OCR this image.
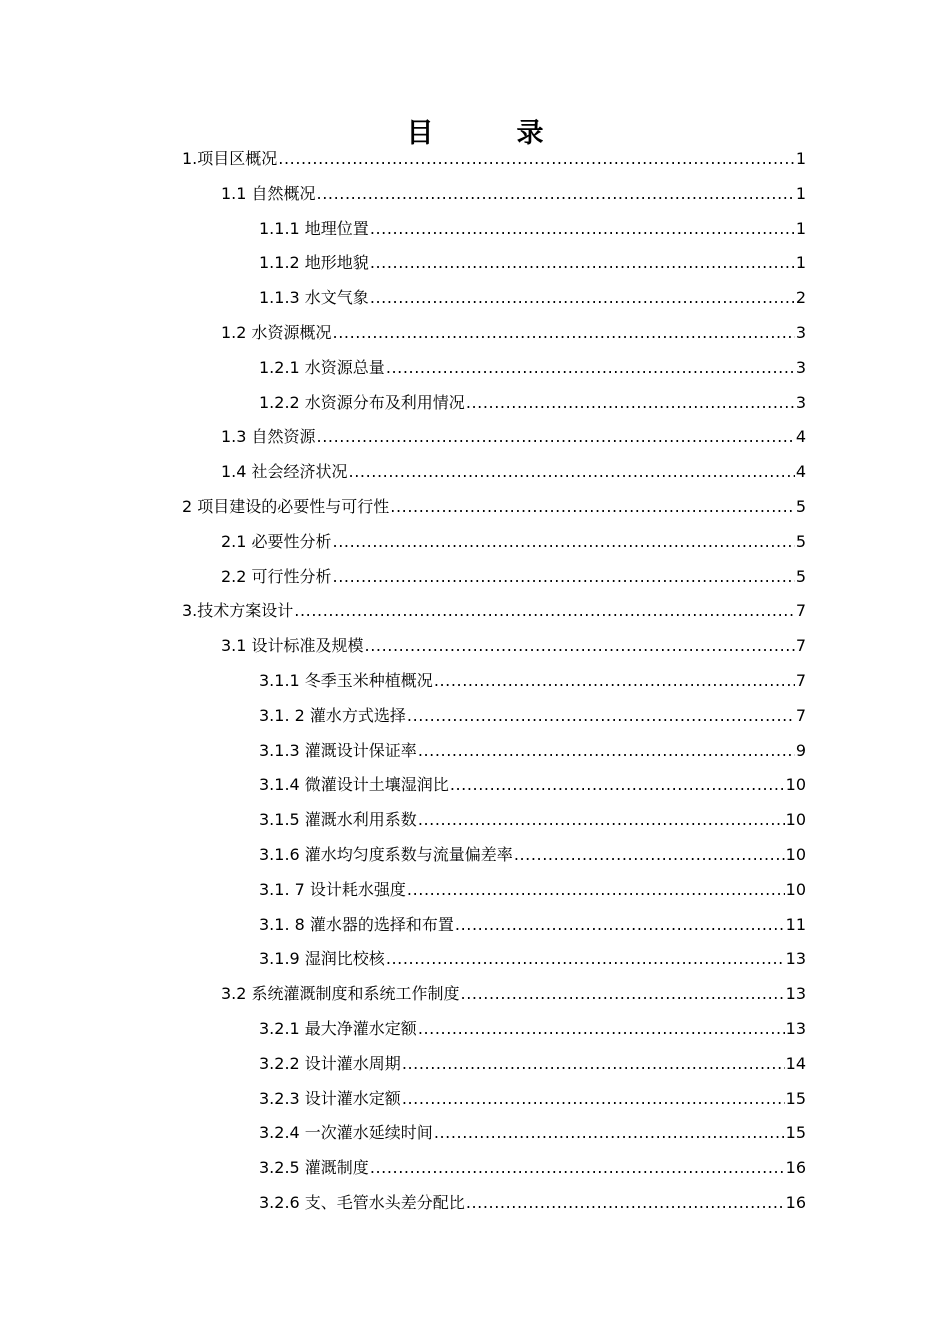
目　录
1.项目区概况 .....	1
1.1 自然概况 .....	1
1.1.1 地理位置 .....	1
1.1.2 地形地貌 .....	1
1.1.3 水文气象 .....	2
1.2 水资源概况 .....	3
1.2.1 水资源总量 .....	3
1.2.2 水资源分布及利用情况 .....	3
1.3 自然资源 .....	4
1.4 社会经济状况 .....	4
2 项目建设的必要性与可行性 .....	5
2.1 必要性分析 .....	5
2.2 可行性分析 .....	5
3.技术方案设计 .....	7
3.1 设计标准及规模 .....	7
3.1.1 冬季玉米种植概况 .....	7
3.1. 2 灌水方式选择 .....	7
3.1.3 灌溉设计保证率 .....	9
3.1.4 微灌设计土壤湿润比 .....	10
3.1.5 灌溉水利用系数 .....	10
3.1.6 灌水均匀度系数与流量偏差率 .....	10
3.1. 7 设计耗水强度 .....	10
3.1. 8 灌水器的选择和布置 .....	11
3.1.9 湿润比校核 .....	13
3.2 系统灌溉制度和系统工作制度 .....	13
3.2.1 最大净灌水定额 .....	13
3.2.2 设计灌水周期 .....	14
3.2.3 设计灌水定额 .....	15
3.2.4 一次灌水延续时间 .....	15
3.2.5 灌溉制度 .....	16
3.2.6 支、毛管水头差分配比 .....	16
